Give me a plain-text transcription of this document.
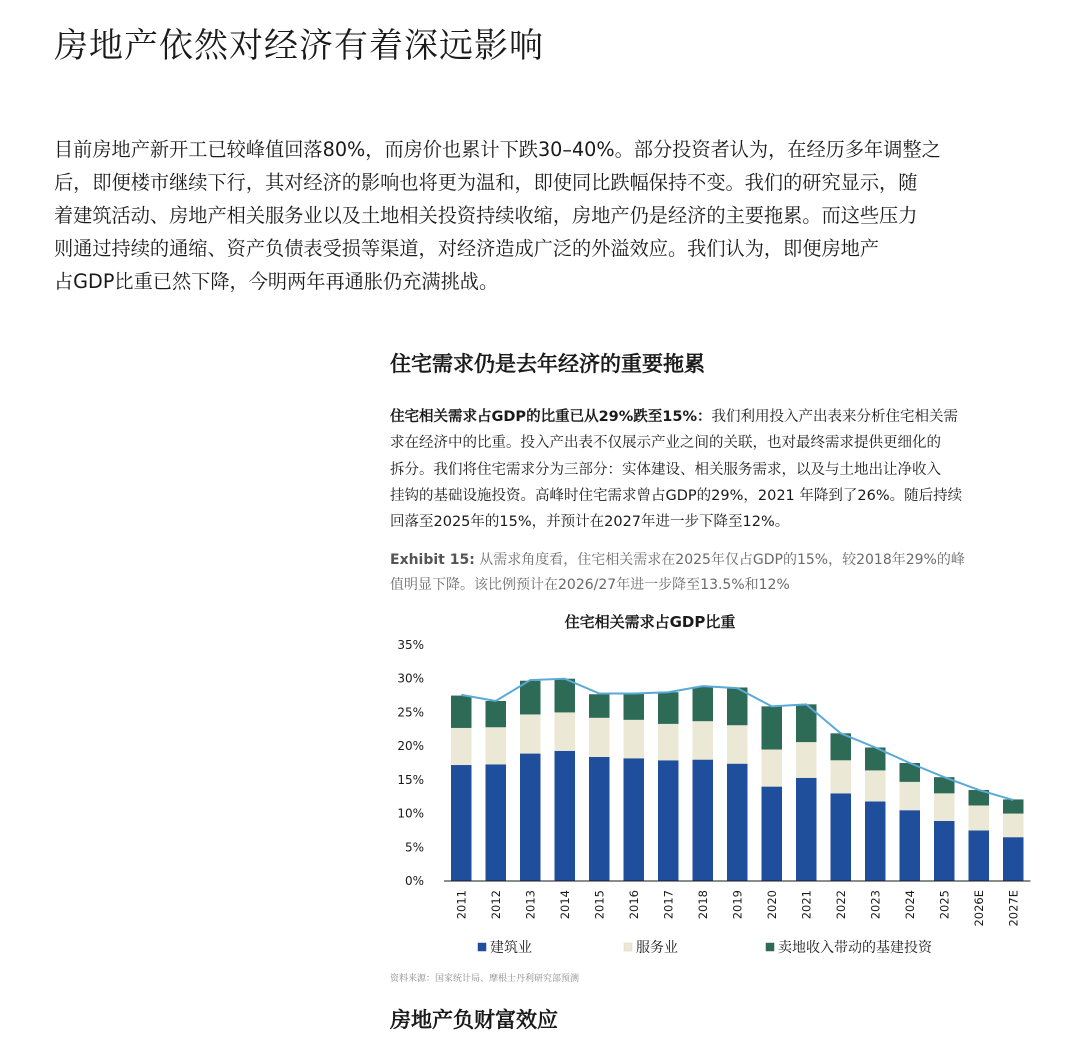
房地产依然对经济有着深远影响
目前房地产新开工已较峰值回落80%，而房价也累计下跌30–40%。部分投资者认为，在经历多年调整之
后，即便楼市继续下行，其对经济的影响也将更为温和，即使同比跌幅保持不变。我们的研究显示，随
着建筑活动、房地产相关服务业以及土地相关投资持续收缩，房地产仍是经济的主要拖累。而这些压力
则通过持续的通缩、资产负债表受损等渠道，对经济造成广泛的外溢效应。我们认为，即便房地产
占GDP比重已然下降，今明两年再通胀仍充满挑战。
住宅需求仍是去年经济的重要拖累
住宅相关需求占GDP的比重已从29%跌至15%：我们利用投入产出表来分析住宅相关需
求在经济中的比重。投入产出表不仅展示产业之间的关联，也对最终需求提供更细化的
拆分。我们将住宅需求分为三部分：实体建设、相关服务需求，以及与土地出让净收入
挂钩的基础设施投资。高峰时住宅需求曾占GDP的29%，2021 年降到了26%。随后持续
回落至2025年的15%，并预计在2027年进一步下降至12%。
Exhibit 15: 从需求角度看，住宅相关需求在2025年仅占GDP的15%，较2018年29%的峰
值明显下降。该比例预计在2026/27年进一步降至13.5%和12%
住宅相关需求占GDP比重
0%
5%
10%
15%
20%
25%
30%
35%
2011 2012 2013 2014 2015 2016 2017 2018 2019 2020 2021 2022 2023 2024 2025 2026E 2027E
建筑业	服务业	卖地收入带动的基建投资

资料来源：国家统计局、摩根士丹利研究部预测

房地产负财富效应
